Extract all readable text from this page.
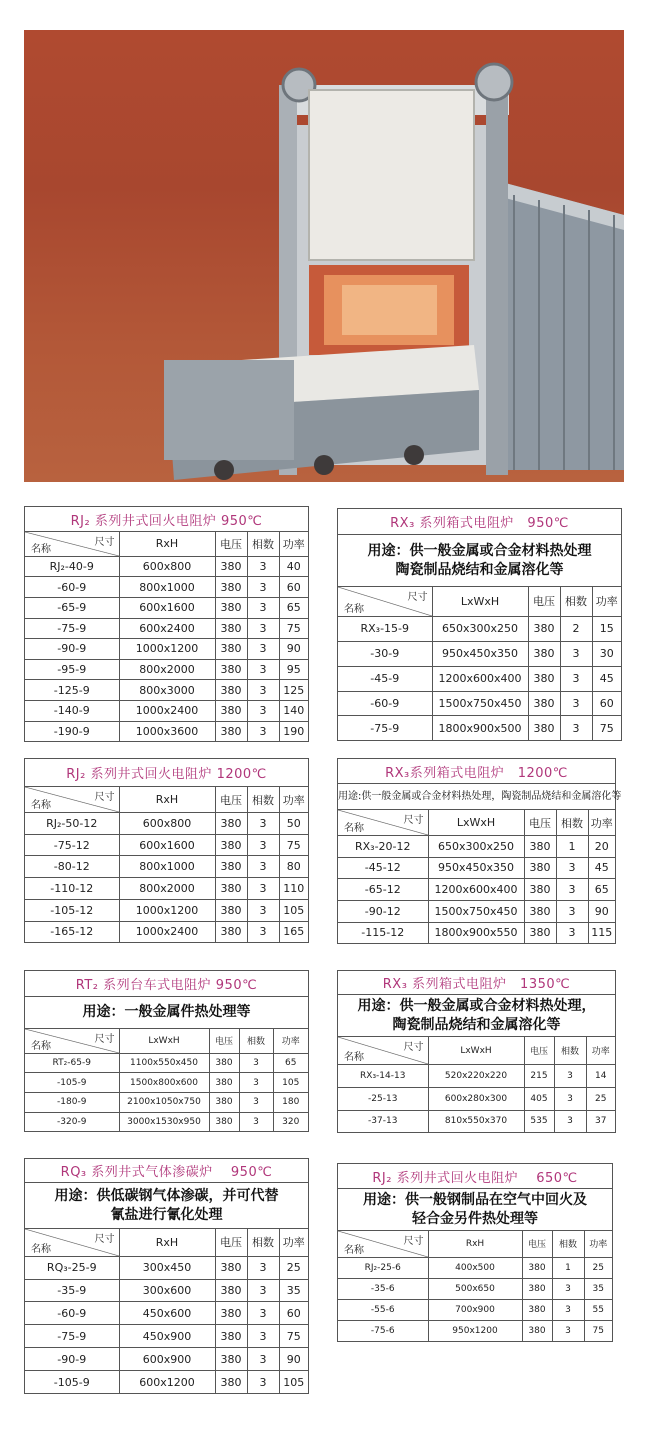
RJ₂ 系列井式回火电阻炉 950℃
尺寸
名称	RxH	电压	相数	功率
RJ₂-40-9	600x800	380	3	40
-60-9	800x1000	380	3	60
-65-9	600x1600	380	3	65
-75-9	600x2400	380	3	75
-90-9	1000x1200	380	3	90
-95-9	800x2000	380	3	95
-125-9	800x3000	380	3	125
-140-9	1000x2400	380	3	140
-190-9	1000x3600	380	3	190
RX₃ 系列箱式电阻炉　950℃
用途：供一般金属或合金材料热处理
陶瓷制品烧结和金属溶化等
尺寸
名称	LxWxH	电压	相数	功率
RX₃-15-9	650x300x250	380	2	15
-30-9	950x450x350	380	3	30
-45-9	1200x600x400	380	3	45
-60-9	1500x750x450	380	3	60
-75-9	1800x900x500	380	3	75
RJ₂ 系列井式回火电阻炉 1200℃
尺寸
名称	RxH	电压	相数	功率
RJ₂-50-12	600x800	380	3	50
-75-12	600x1600	380	3	75
-80-12	800x1000	380	3	80
-110-12	800x2000	380	3	110
-105-12	1000x1200	380	3	105
-165-12	1000x2400	380	3	165
RX₃系列箱式电阻炉　1200℃
用途:供一般金属或合金材料热处理，陶瓷制品烧结和金属溶化等
尺寸
名称	LxWxH	电压	相数	功率
RX₃-20-12	650x300x250	380	1	20
-45-12	950x450x350	380	3	45
-65-12	1200x600x400	380	3	65
-90-12	1500x750x450	380	3	90
-115-12	1800x900x550	380	3	115
RT₂ 系列台车式电阻炉 950℃
用途：一般金属件热处理等
尺寸
名称	LxWxH	电压	相数	功率
RT₂-65-9	1100x550x450	380	3	65
-105-9	1500x800x600	380	3	105
-180-9	2100x1050x750	380	3	180
-320-9	3000x1530x950	380	3	320
RX₃ 系列箱式电阻炉　1350℃
用途：供一般金属或合金材料热处理，
陶瓷制品烧结和金属溶化等
尺寸
名称	LxWxH	电压	相数	功率
RX₃-14-13	520x220x220	215	3	14
-25-13	600x280x300	405	3	25
-37-13	810x550x370	535	3	37
RQ₃ 系列井式气体渗碳炉　 950℃
用途：供低碳钢气体渗碳，并可代替
氰盐进行氰化处理
尺寸
名称	RxH	电压	相数	功率
RQ₃-25-9	300x450	380	3	25
-35-9	300x600	380	3	35
-60-9	450x600	380	3	60
-75-9	450x900	380	3	75
-90-9	600x900	380	3	90
-105-9	600x1200	380	3	105
RJ₂ 系列井式回火电阻炉　 650℃
用途：供一般钢制品在空气中回火及
轻合金另件热处理等
尺寸
名称	RxH	电压	相数	功率
RJ₂-25-6	400x500	380	1	25
-35-6	500x650	380	3	35
-55-6	700x900	380	3	55
-75-6	950x1200	380	3	75
